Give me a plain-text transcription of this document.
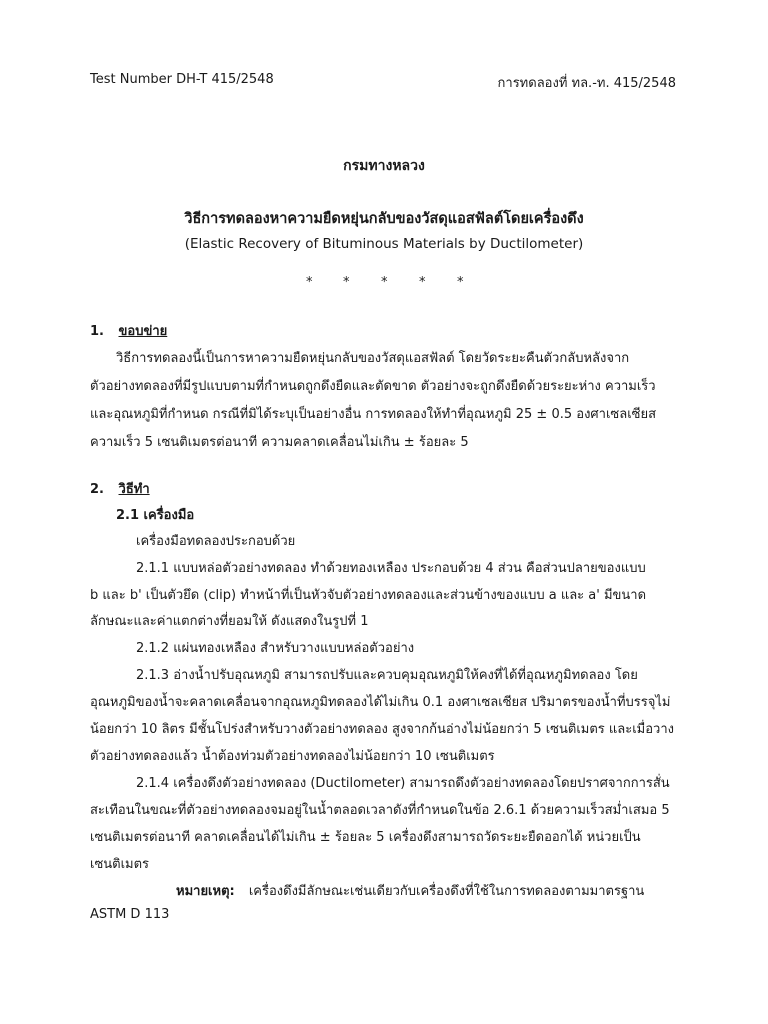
Test Number DH-T 415/2548	การทดลองที่ ทล.-ท. 415/2548
กรมทางหลวง
วิธีการทดลองหาความยืดหยุ่นกลับของวัสดุแอสฟัลต์โดยเครื่องดึง
(Elastic Recovery of Bituminous Materials by Ductilometer)
* * * * *
1. ขอบข่าย
วิธีการทดลองนี้เป็นการหาความยืดหยุ่นกลับของวัสดุแอสฟัลต์ โดยวัดระยะคืนตัวกลับหลังจาก
ตัวอย่างทดลองที่มีรูปแบบตามที่กำหนดถูกดึงยืดและตัดขาด ตัวอย่างจะถูกดึงยืดด้วยระยะห่าง ความเร็ว
และอุณหภูมิที่กำหนด กรณีที่มิได้ระบุเป็นอย่างอื่น การทดลองให้ทำที่อุณหภูมิ 25 ± 0.5 องศาเซลเซียส
ความเร็ว 5 เซนติเมตรต่อนาที ความคลาดเคลื่อนไม่เกิน ± ร้อยละ 5
2. วิธีทำ
2.1 เครื่องมือ
เครื่องมือทดลองประกอบด้วย
2.1.1 แบบหล่อตัวอย่างทดลอง ทำด้วยทองเหลือง ประกอบด้วย 4 ส่วน คือส่วนปลายของแบบ
b และ b' เป็นตัวยึด (clip) ทำหน้าที่เป็นหัวจับตัวอย่างทดลองและส่วนข้างของแบบ a และ a' มีขนาด
ลักษณะและค่าแตกต่างที่ยอมให้ ดังแสดงในรูปที่ 1
2.1.2 แผ่นทองเหลือง สำหรับวางแบบหล่อตัวอย่าง
2.1.3 อ่างน้ำปรับอุณหภูมิ สามารถปรับและควบคุมอุณหภูมิให้คงที่ได้ที่อุณหภูมิทดลอง โดย
อุณหภูมิของน้ำจะคลาดเคลื่อนจากอุณหภูมิทดลองได้ไม่เกิน 0.1 องศาเซลเซียส ปริมาตรของน้ำที่บรรจุไม่
น้อยกว่า 10 ลิตร มีชั้นโปร่งสำหรับวางตัวอย่างทดลอง สูงจากก้นอ่างไม่น้อยกว่า 5 เซนติเมตร และเมื่อวาง
ตัวอย่างทดลองแล้ว น้ำต้องท่วมตัวอย่างทดลองไม่น้อยกว่า 10 เซนติเมตร
2.1.4 เครื่องดึงตัวอย่างทดลอง (Ductilometer) สามารถดึงตัวอย่างทดลองโดยปราศจากการสั่น
สะเทือนในขณะที่ตัวอย่างทดลองจมอยู่ในน้ำตลอดเวลาดังที่กำหนดในข้อ 2.6.1 ด้วยความเร็วสม่ำเสมอ 5
เซนติเมตรต่อนาที คลาดเคลื่อนได้ไม่เกิน ± ร้อยละ 5 เครื่องดึงสามารถวัดระยะยืดออกได้ หน่วยเป็น
เซนติเมตร
หมายเหตุ: เครื่องดึงมีลักษณะเช่นเดียวกับเครื่องดึงที่ใช้ในการทดลองตามมาตรฐาน
ASTM D 113
